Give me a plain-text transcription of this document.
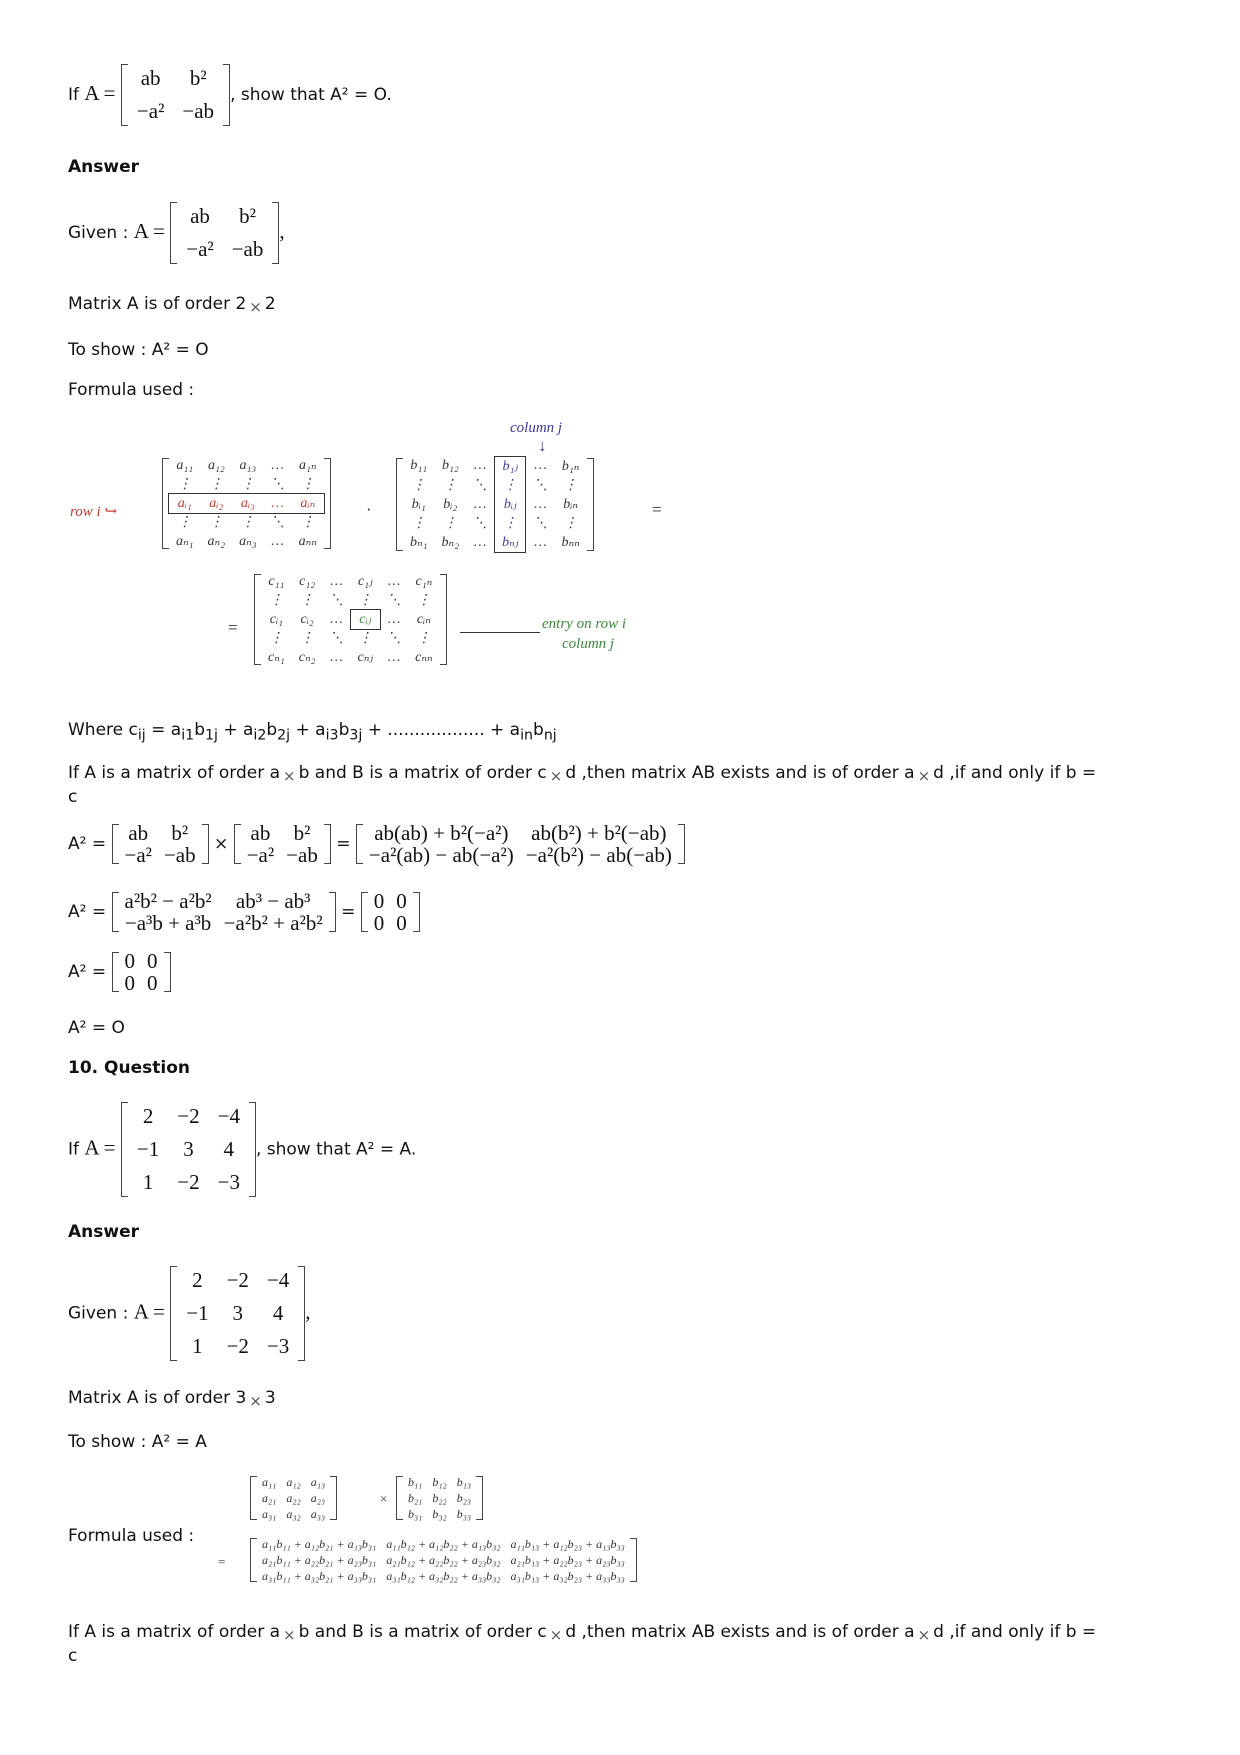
If A =
ab	b²
−a²	−ab
, show that A² = O.
Answer
Given : A =
ab	b²
−a²	−ab
,
Matrix A is of order 2 × 2
To show : A² = O
Formula used :
column j
↓
row i ↪
a₁₁	a₁₂	a₁₃	…	a₁ₙ
⋮	⋮	⋮	⋱	⋮
aᵢ₁	aᵢ₂	aᵢ₃	…	aᵢₙ
⋮	⋮	⋮	⋱	⋮
aₙ₁	aₙ₂	aₙ₃	…	aₙₙ
·
b₁₁	b₁₂	…	b₁ⱼ	…	b₁ₙ
⋮	⋮	⋱	⋮	⋱	⋮
bᵢ₁	bᵢ₂	…	bᵢⱼ	…	bᵢₙ
⋮	⋮	⋱	⋮	⋱	⋮
bₙ₁	bₙ₂	…	bₙⱼ	…	bₙₙ
=
=
c₁₁	c₁₂	…	c₁ⱼ	…	c₁ₙ
⋮	⋮	⋱	⋮	⋱	⋮
cᵢ₁	cᵢ₂	…	cᵢⱼ	…	cᵢₙ
⋮	⋮	⋱	⋮	⋱	⋮
cₙ₁	cₙ₂	…	cₙⱼ	…	cₙₙ
entry on row i
column j
Where $c_{ij} = a_{i1}b_{1j} + a_{i2}b_{2j} + a_{i3}b_{3j}$ + .................. + $a_{in}b_{nj}$
If A is a matrix of order a × b and B is a matrix of order c × d ,then matrix AB exists and is of order a × d ,if and only if b =
c
A² = ab	b²
−a²	−ab × ab	b²
−a²	−ab = ab(ab) + b²(−a²)	ab(b²) + b²(−ab)
−a²(ab) − ab(−a²)	−a²(b²) − ab(−ab)
A² = a²b² − a²b²	ab³ − ab³
−a³b + a³b	−a²b² + a²b² = 0	0
0	0
A² = 0	0
0	0
A² = O
10. Question
If A =
2	−2	−4
−1	3	4
1	−2	−3
, show that A² = A.
Answer
Given : A =
2	−2	−4
−1	3	4
1	−2	−3
,
Matrix A is of order 3 × 3
To show : A² = A
Formula used :
a₁₁	a₁₂	a₁₃
a₂₁	a₂₂	a₂₃
a₃₁	a₃₂	a₃₃
×
b₁₁	b₁₂	b₁₃
b₂₁	b₂₂	b₂₃
b₃₁	b₃₂	b₃₃
=
a₁₁b₁₁ + a₁₂b₂₁ + a₁₃b₃₁	a₁₁b₁₂ + a₁₂b₂₂ + a₁₃b₃₂	a₁₁b₁₃ + a₁₂b₂₃ + a₁₃b₃₃
a₂₁b₁₁ + a₂₂b₂₁ + a₂₃b₃₁	a₂₁b₁₂ + a₂₂b₂₂ + a₂₃b₃₂	a₂₁b₁₃ + a₂₂b₂₃ + a₂₃b₃₃
a₃₁b₁₁ + a₃₂b₂₁ + a₃₃b₃₁	a₃₁b₁₂ + a₃₂b₂₂ + a₃₃b₃₂	a₃₁b₁₃ + a₃₂b₂₃ + a₃₃b₃₃
If A is a matrix of order a × b and B is a matrix of order c × d ,then matrix AB exists and is of order a × d ,if and only if b =
c
